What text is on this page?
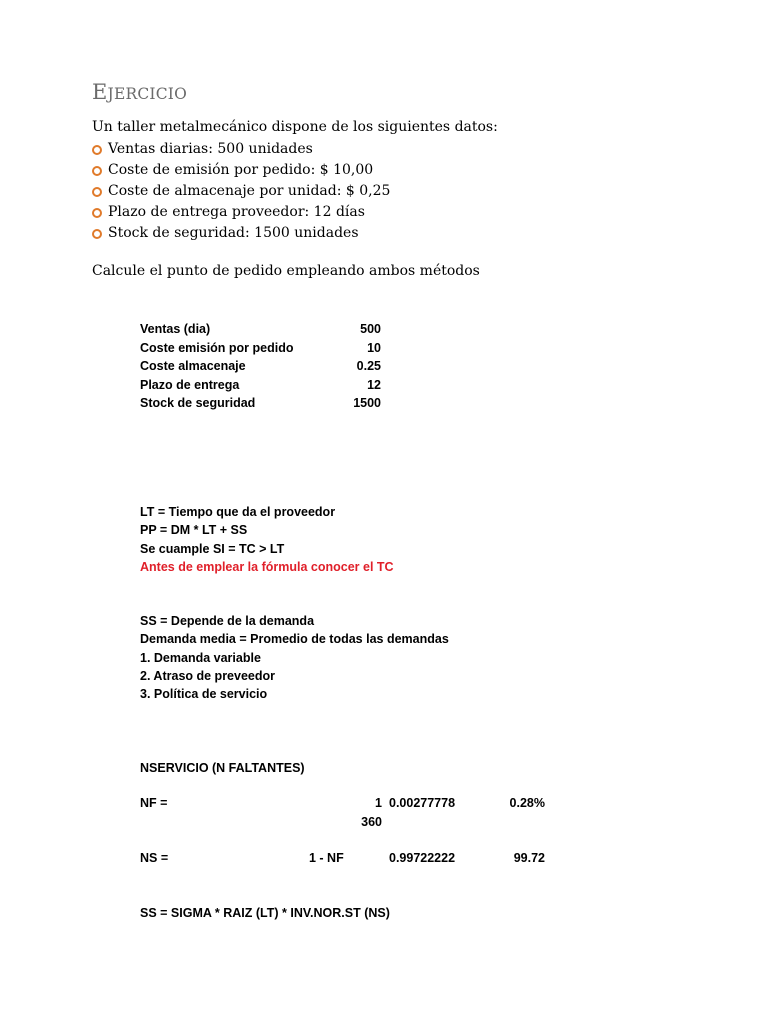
EJERCICIO
Un taller metalmecánico dispone de los siguientes datos:
Ventas diarias: 500 unidades
Coste de emisión por pedido: $ 10,00
Coste de almacenaje por unidad: $ 0,25
Plazo de entrega proveedor: 12 días
Stock de seguridad: 1500 unidades
Calcule el punto de pedido empleando ambos métodos
Ventas (dia)	500
Coste emisión por pedido	10
Coste almacenaje	0.25
Plazo de entrega	12
Stock de seguridad	1500
LT = Tiempo que da el proveedor
PP = DM * LT + SS
Se cuample SI = TC > LT
Antes de emplear la fórmula conocer el TC
SS = Depende de la demanda
Demanda media = Promedio de todas las demandas
1. Demanda variable
2. Atraso de preveedor
3. Política de servicio
NSERVICIO (N FALTANTES)
NF =	1 0.00277778	0.28%
360
NS =	1 - NF	0.99722222	99.72
SS = SIGMA * RAIZ (LT) * INV.NOR.ST (NS)
